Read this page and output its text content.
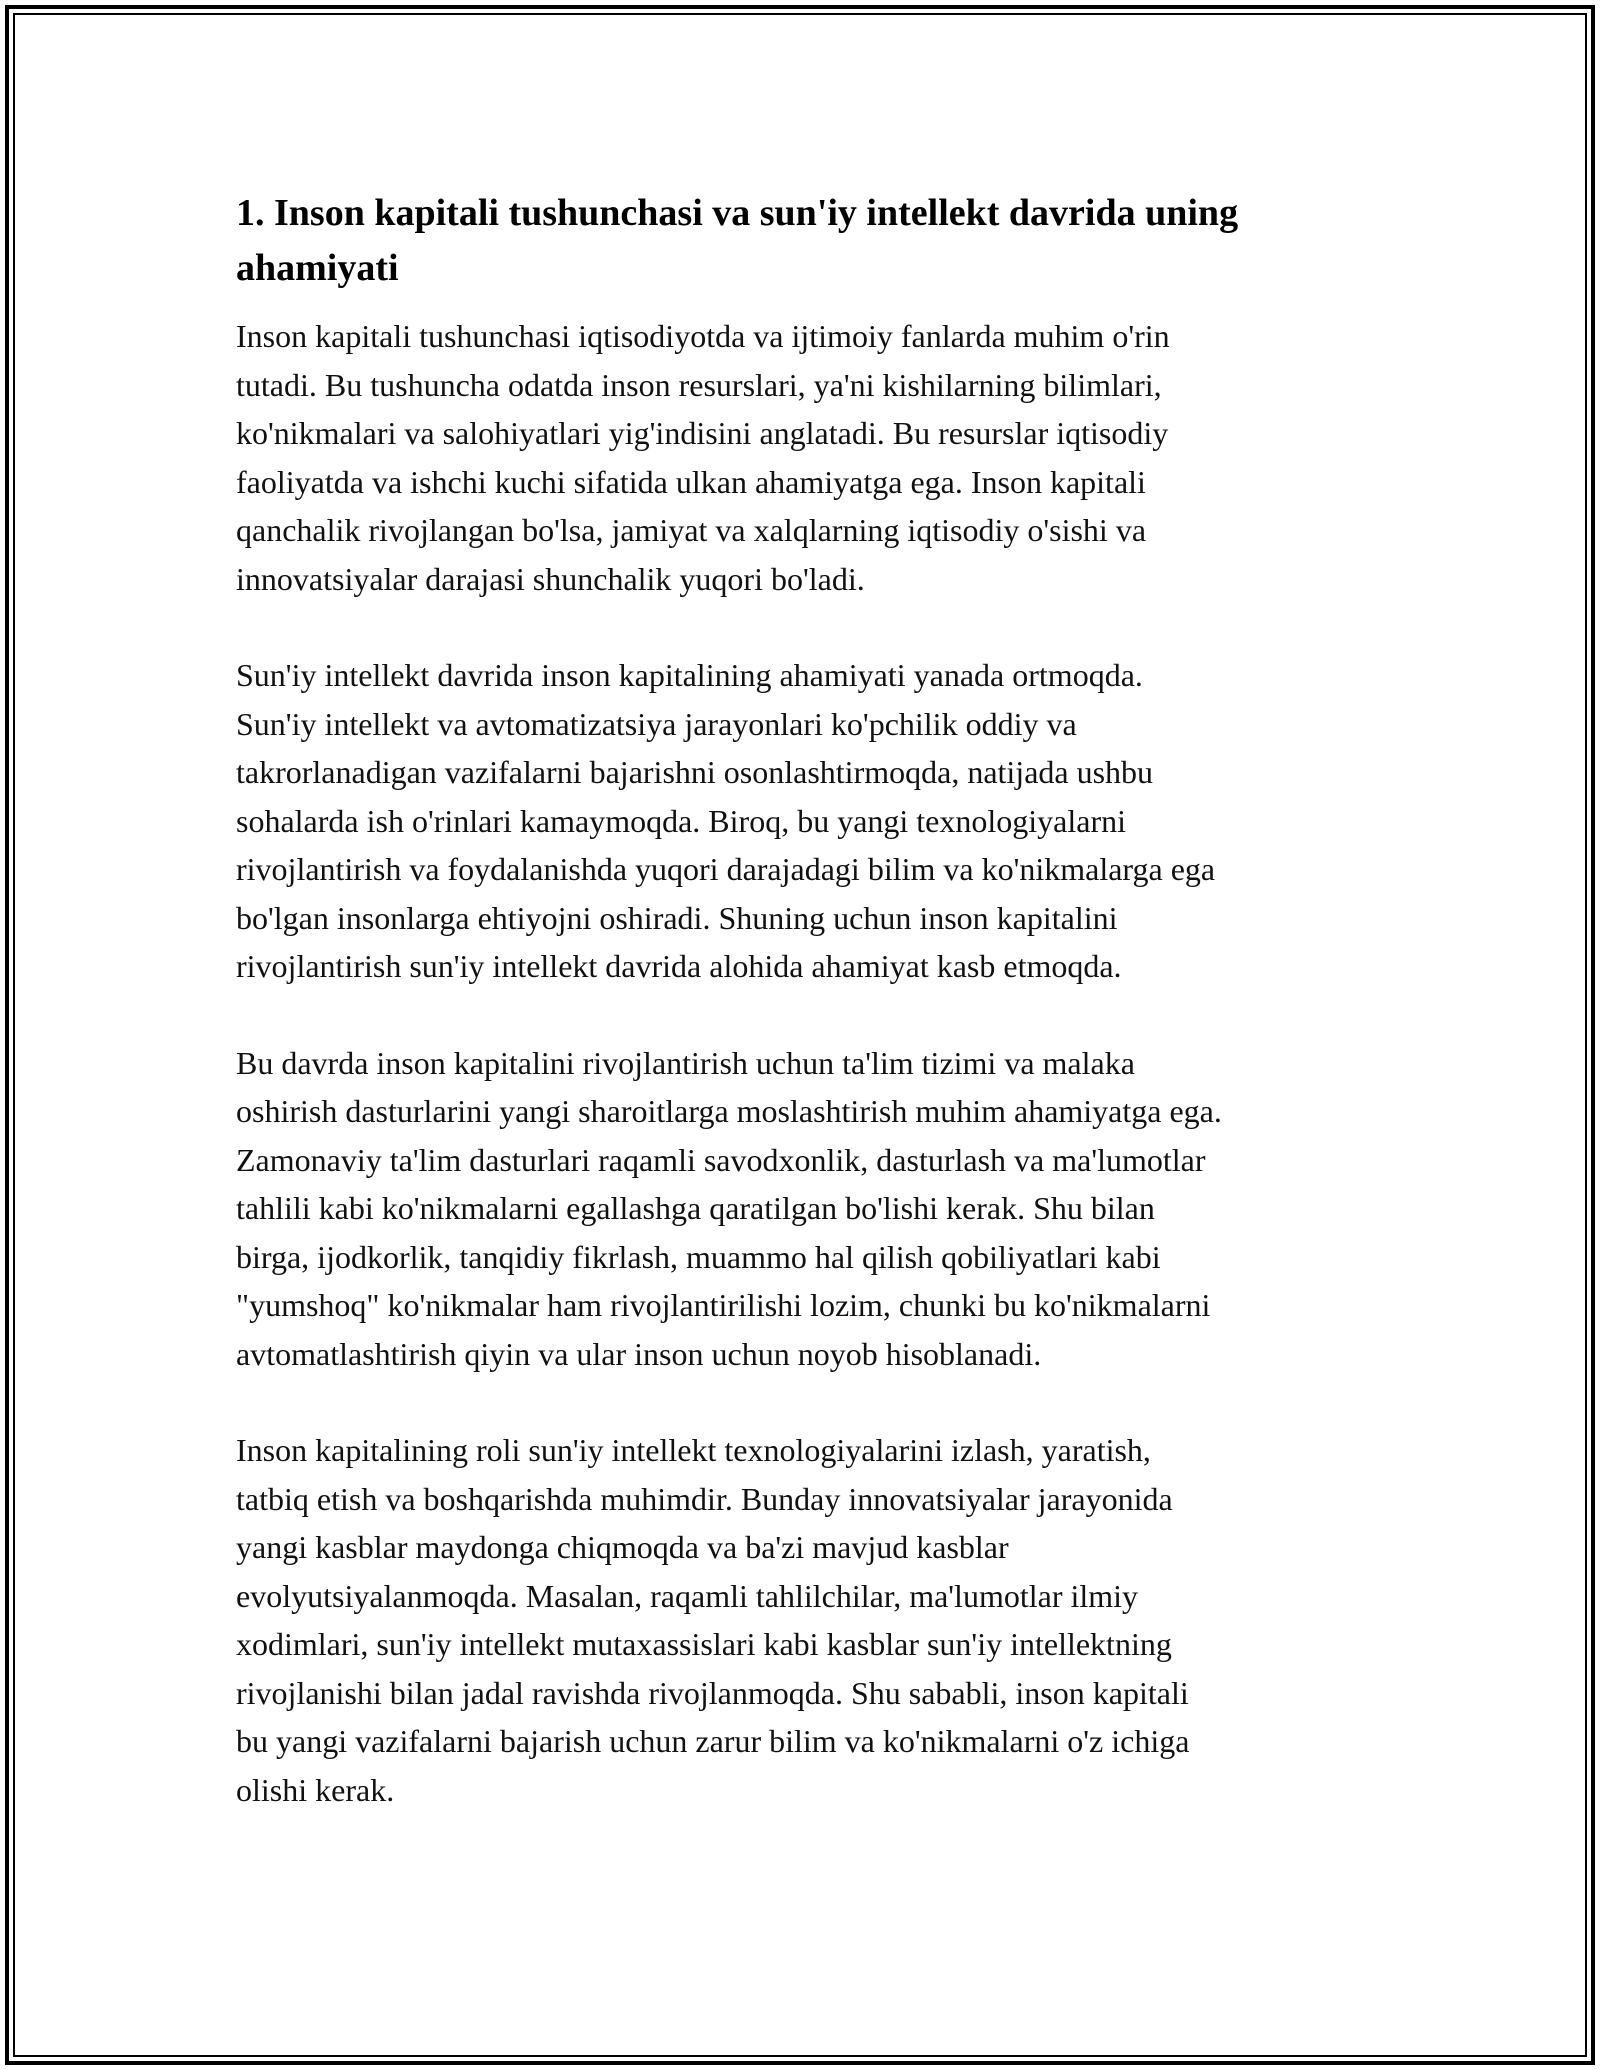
1. Inson kapitali tushunchasi va sun'iy intellekt davrida uning
ahamiyati

Inson kapitali tushunchasi iqtisodiyotda va ijtimoiy fanlarda muhim o'rin
tutadi. Bu tushuncha odatda inson resurslari, ya'ni kishilarning bilimlari,
ko'nikmalari va salohiyatlari yig'indisini anglatadi. Bu resurslar iqtisodiy
faoliyatda va ishchi kuchi sifatida ulkan ahamiyatga ega. Inson kapitali
qanchalik rivojlangan bo'lsa, jamiyat va xalqlarning iqtisodiy o'sishi va
innovatsiyalar darajasi shunchalik yuqori bo'ladi.

Sun'iy intellekt davrida inson kapitalining ahamiyati yanada ortmoqda.
Sun'iy intellekt va avtomatizatsiya jarayonlari ko'pchilik oddiy va
takrorlanadigan vazifalarni bajarishni osonlashtirmoqda, natijada ushbu
sohalarda ish o'rinlari kamaymoqda. Biroq, bu yangi texnologiyalarni
rivojlantirish va foydalanishda yuqori darajadagi bilim va ko'nikmalarga ega
bo'lgan insonlarga ehtiyojni oshiradi. Shuning uchun inson kapitalini
rivojlantirish sun'iy intellekt davrida alohida ahamiyat kasb etmoqda.

Bu davrda inson kapitalini rivojlantirish uchun ta'lim tizimi va malaka
oshirish dasturlarini yangi sharoitlarga moslashtirish muhim ahamiyatga ega.
Zamonaviy ta'lim dasturlari raqamli savodxonlik, dasturlash va ma'lumotlar
tahlili kabi ko'nikmalarni egallashga qaratilgan bo'lishi kerak. Shu bilan
birga, ijodkorlik, tanqidiy fikrlash, muammo hal qilish qobiliyatlari kabi
"yumshoq" ko'nikmalar ham rivojlantirilishi lozim, chunki bu ko'nikmalarni
avtomatlashtirish qiyin va ular inson uchun noyob hisoblanadi.

Inson kapitalining roli sun'iy intellekt texnologiyalarini izlash, yaratish,
tatbiq etish va boshqarishda muhimdir. Bunday innovatsiyalar jarayonida
yangi kasblar maydonga chiqmoqda va ba'zi mavjud kasblar
evolyutsiyalanmoqda. Masalan, raqamli tahlilchilar, ma'lumotlar ilmiy
xodimlari, sun'iy intellekt mutaxassislari kabi kasblar sun'iy intellektning
rivojlanishi bilan jadal ravishda rivojlanmoqda. Shu sababli, inson kapitali
bu yangi vazifalarni bajarish uchun zarur bilim va ko'nikmalarni o'z ichiga
olishi kerak.
